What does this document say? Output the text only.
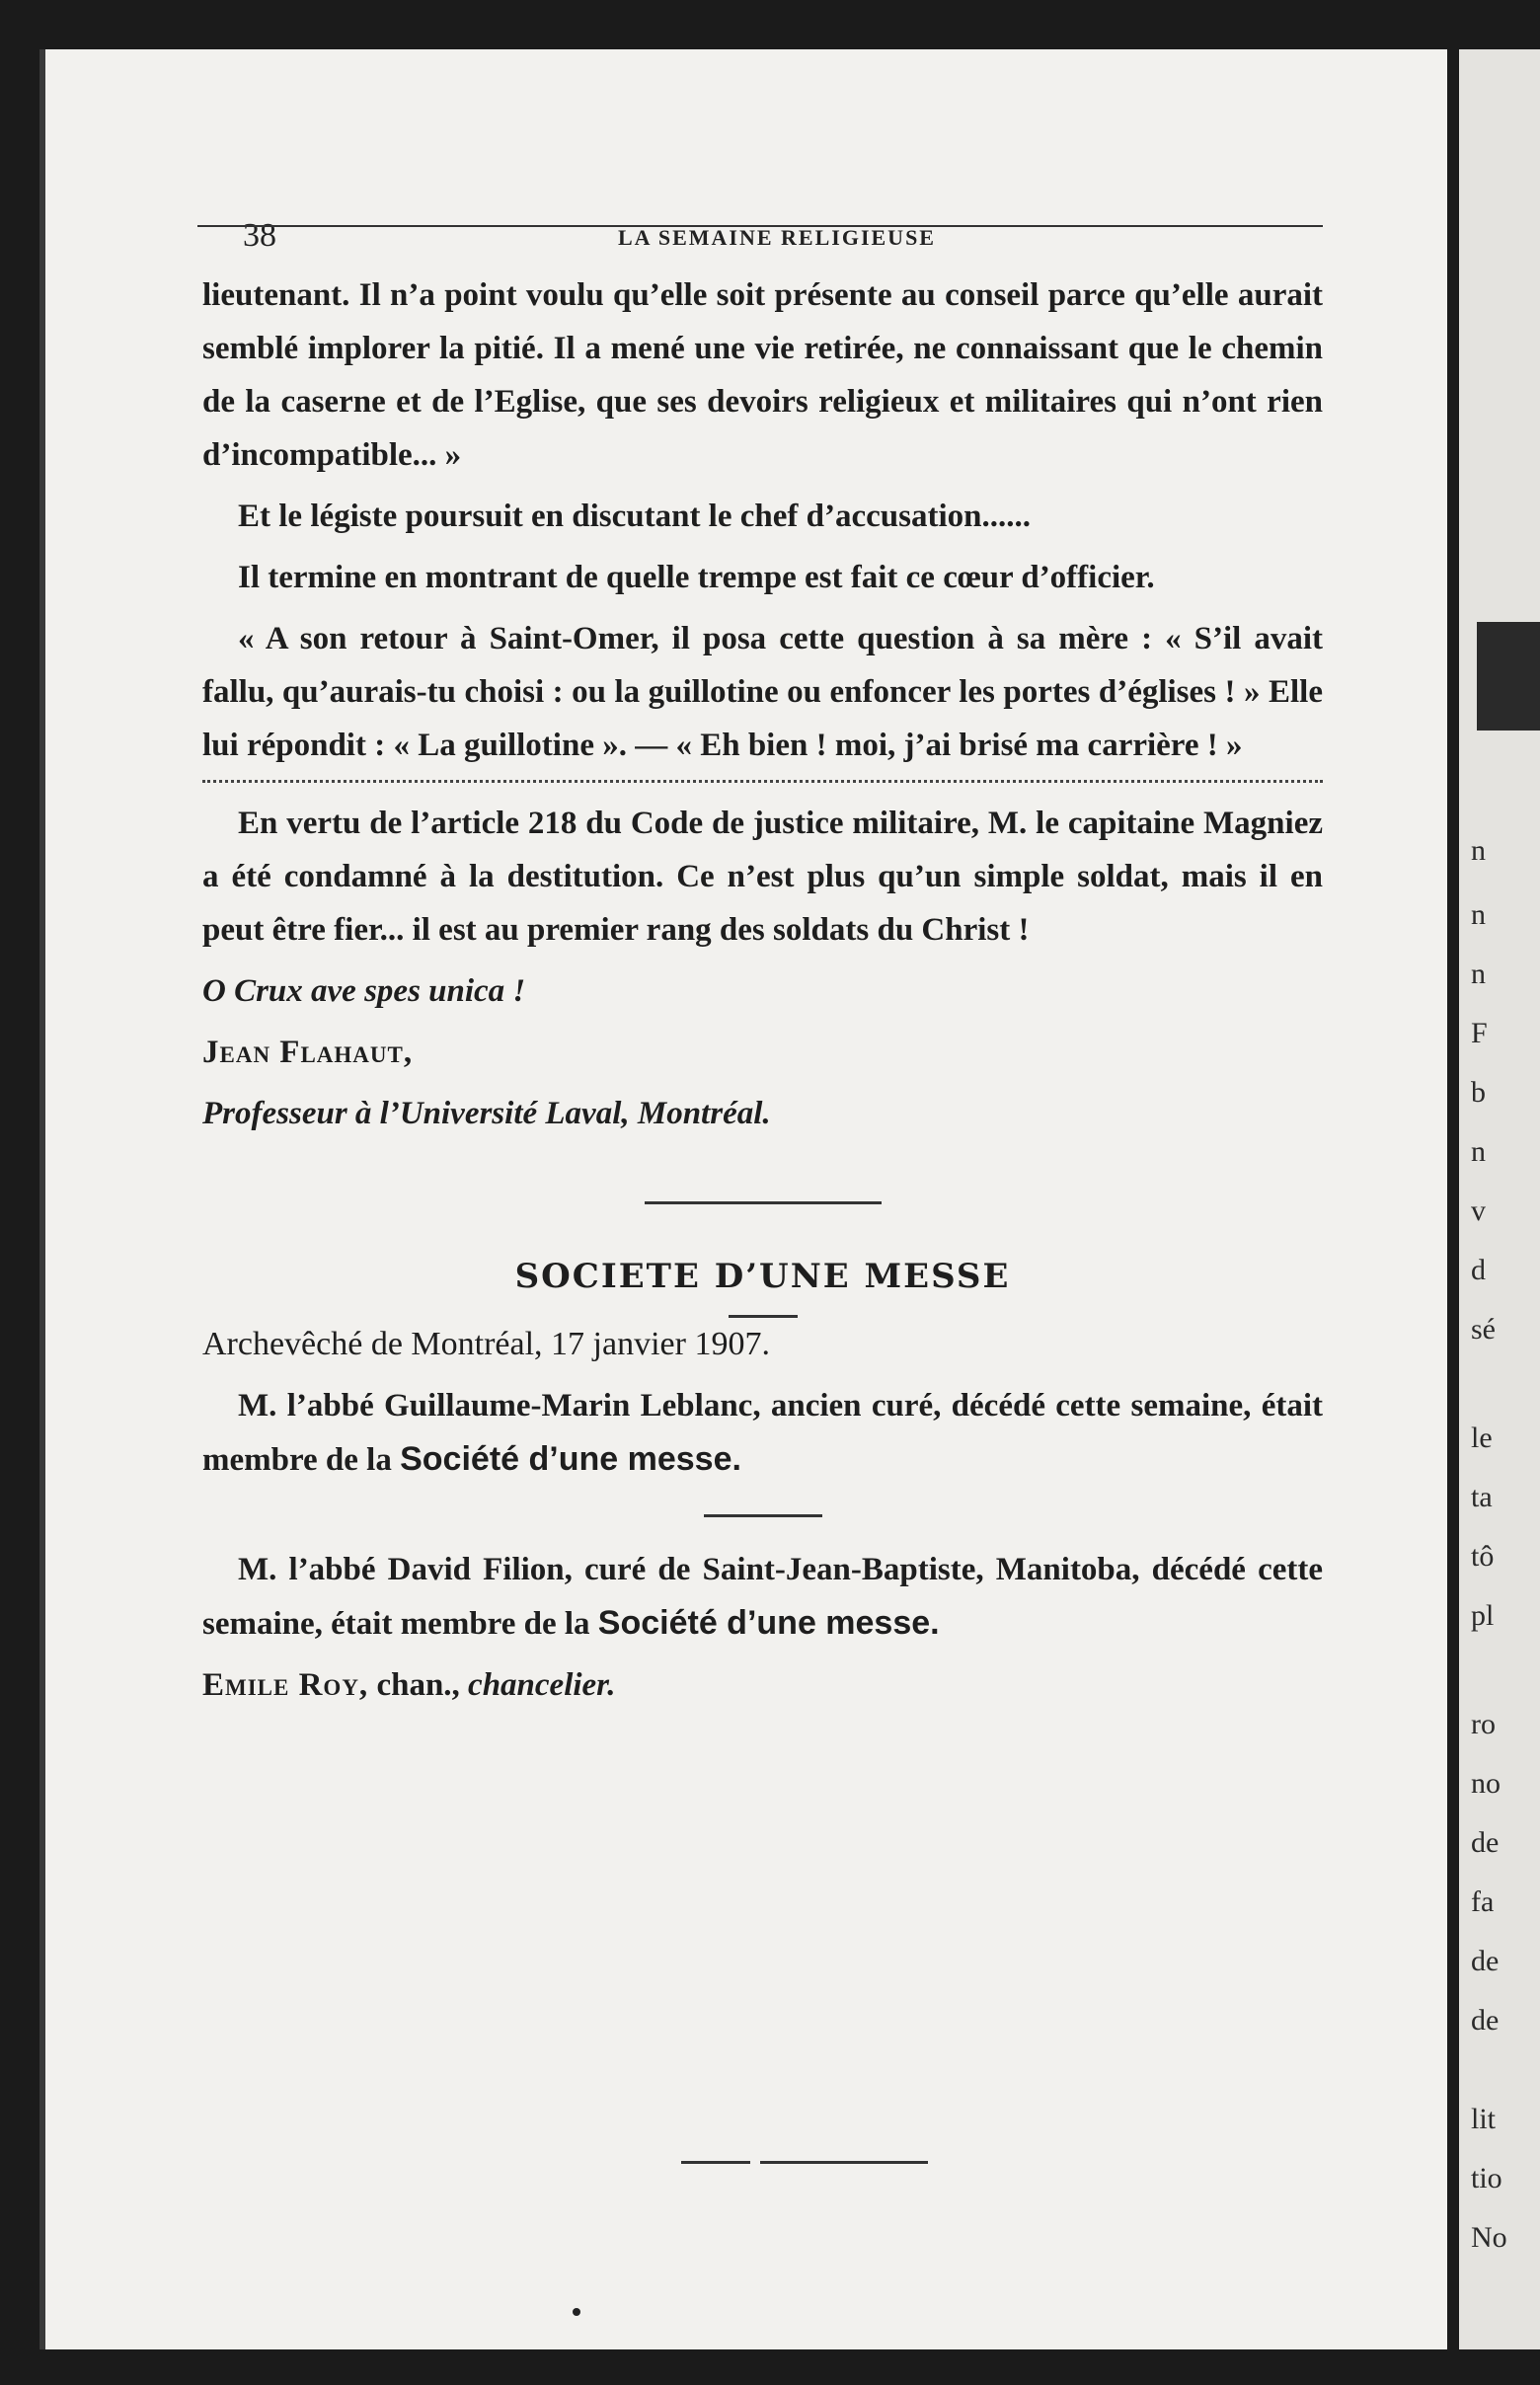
38	LA SEMAINE RELIGIEUSE

lieutenant. Il n’a point voulu qu’elle soit présente au conseil parce qu’elle aurait semblé implorer la pitié. Il a mené une vie retirée, ne connaissant que le chemin de la caserne et de l’Eglise, que ses devoirs religieux et militaires qui n’ont rien d’incompatible... »

Et le légiste poursuit en discutant le chef d’accusation......

Il termine en montrant de quelle trempe est fait ce cœur d’officier.

« A son retour à Saint-Omer, il posa cette question à sa mère : « S’il avait fallu, qu’aurais-tu choisi : ou la guillotine ou enfoncer les portes d’églises ! » Elle lui répondit : « La guillotine ». — « Eh bien ! moi, j’ai brisé ma carrière ! »

En vertu de l’article 218 du Code de justice militaire, M. le capitaine Magniez a été condamné à la destitution. Ce n’est plus qu’un simple soldat, mais il en peut être fier... il est au premier rang des soldats du Christ !

O Crux ave spes unica !

Jean Flahaut,

Professeur à l’Université Laval, Montréal.

SOCIETE D’UNE MESSE

Archevêché de Montréal, 17 janvier 1907.

M. l’abbé Guillaume-Marin Leblanc, ancien curé, décédé cette semaine, était membre de la Société d’une messe.

M. l’abbé David Filion, curé de Saint-Jean-Baptiste, Manitoba, décédé cette semaine, était membre de la Société d’une messe.

Emile Roy, chan., chancelier.

n
n
n
F
b
n
v
d
sé
le
ta
tô
pl
ro
no
de
fa
de
de
lit
tio
No
